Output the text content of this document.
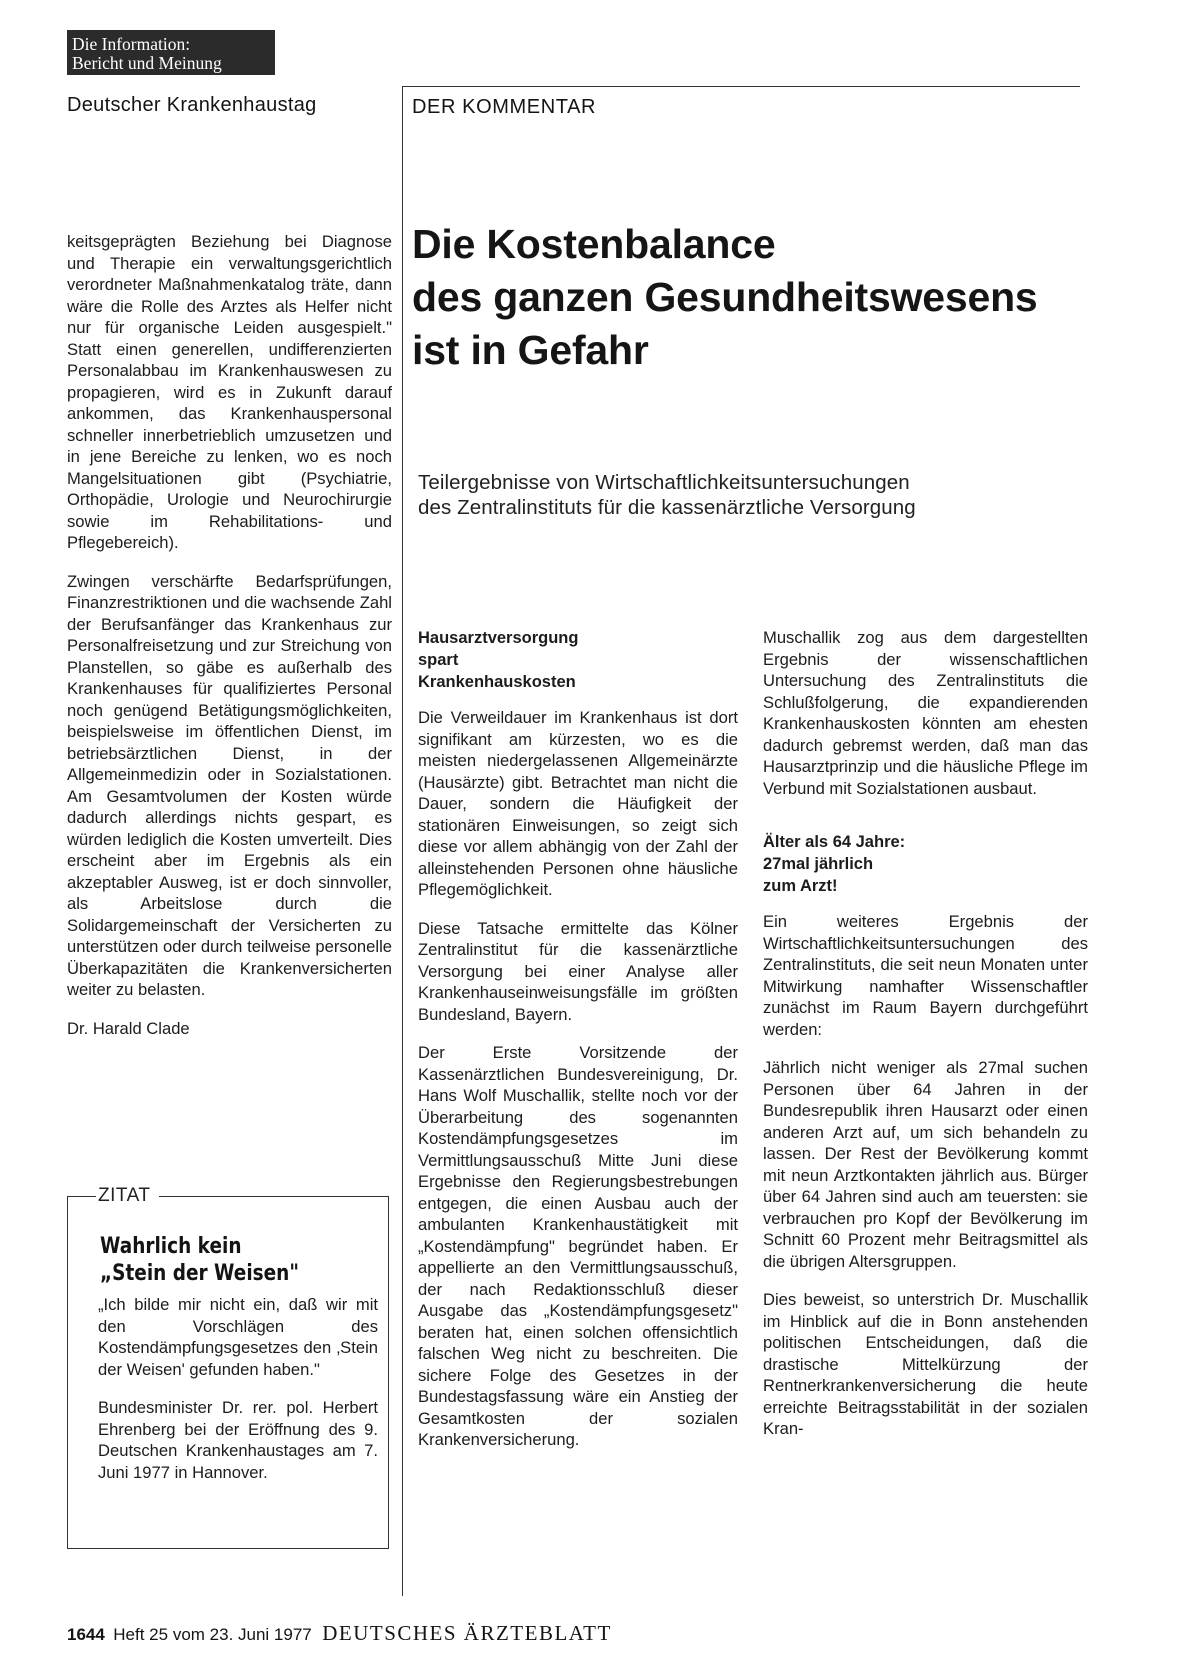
Die Information:
Bericht und Meinung
Deutscher Krankenhaustag	DER KOMMENTAR
Die Kostenbalance
des ganzen Gesundheitswesens
ist in Gefahr
Teilergebnisse von Wirtschaftlichkeitsuntersuchungen
des Zentralinstituts für die kassenärztliche Versorgung

keitsgeprägten Beziehung bei Diagnose und Therapie ein verwaltungsgerichtlich verordneter Maßnahmenkatalog träte, dann wäre die Rolle des Arztes als Helfer nicht nur für organische Leiden ausgespielt." Statt einen generellen, undifferenzierten Personalabbau im Krankenhauswesen zu propagieren, wird es in Zukunft darauf ankommen, das Krankenhauspersonal schneller innerbetrieblich umzusetzen und in jene Bereiche zu lenken, wo es noch Mangelsituationen gibt (Psychiatrie, Orthopädie, Urologie und Neurochirurgie sowie im Rehabilitations- und Pflegebereich).

Zwingen verschärfte Bedarfsprüfungen, Finanzrestriktionen und die wachsende Zahl der Berufsanfänger das Krankenhaus zur Personalfreisetzung und zur Streichung von Planstellen, so gäbe es außerhalb des Krankenhauses für qualifiziertes Personal noch genügend Betätigungsmöglichkeiten, beispielsweise im öffentlichen Dienst, im betriebsärztlichen Dienst, in der Allgemeinmedizin oder in Sozialstationen. Am Gesamtvolumen der Kosten würde dadurch allerdings nichts gespart, es würden lediglich die Kosten umverteilt. Dies erscheint aber im Ergebnis als ein akzeptabler Ausweg, ist er doch sinnvoller, als Arbeitslose durch die Solidargemeinschaft der Versicherten zu unterstützen oder durch teilweise personelle Überkapazitäten die Krankenversicherten weiter zu belasten.

Dr. Harald Clade

ZITAT
Wahrlich kein
„Stein der Weisen"

„Ich bilde mir nicht ein, daß wir mit den Vorschlägen des Kostendämpfungsgesetzes den ‚Stein der Weisen' gefunden haben."

Bundesminister Dr. rer. pol. Herbert Ehrenberg bei der Eröffnung des 9. Deutschen Krankenhaustages am 7. Juni 1977 in Hannover.

Hausarztversorgung
spart
Krankenhauskosten

Die Verweildauer im Krankenhaus ist dort signifikant am kürzesten, wo es die meisten niedergelassenen Allgemeinärzte (Hausärzte) gibt. Betrachtet man nicht die Dauer, sondern die Häufigkeit der stationären Einweisungen, so zeigt sich diese vor allem abhängig von der Zahl der alleinstehenden Personen ohne häusliche Pflegemöglichkeit.

Diese Tatsache ermittelte das Kölner Zentralinstitut für die kassenärztliche Versorgung bei einer Analyse aller Krankenhauseinweisungsfälle im größten Bundesland, Bayern.

Der Erste Vorsitzende der Kassenärztlichen Bundesvereinigung, Dr. Hans Wolf Muschallik, stellte noch vor der Überarbeitung des sogenannten Kostendämpfungsgesetzes im Vermittlungsausschuß Mitte Juni diese Ergebnisse den Regierungsbestrebungen entgegen, die einen Ausbau auch der ambulanten Krankenhaustätigkeit mit „Kostendämpfung" begründet haben. Er appellierte an den Vermittlungsausschuß, der nach Redaktionsschluß dieser Ausgabe das „Kostendämpfungsgesetz" beraten hat, einen solchen offensichtlich falschen Weg nicht zu beschreiten. Die sichere Folge des Gesetzes in der Bundestagsfassung wäre ein Anstieg der Gesamtkosten der sozialen Krankenversicherung.

Muschallik zog aus dem dargestellten Ergebnis der wissenschaftlichen Untersuchung des Zentralinstituts die Schlußfolgerung, die expandierenden Krankenhauskosten könnten am ehesten dadurch gebremst werden, daß man das Hausarztprinzip und die häusliche Pflege im Verbund mit Sozialstationen ausbaut.

Älter als 64 Jahre:
27mal jährlich
zum Arzt!

Ein weiteres Ergebnis der Wirtschaftlichkeitsuntersuchungen des Zentralinstituts, die seit neun Monaten unter Mitwirkung namhafter Wissenschaftler zunächst im Raum Bayern durchgeführt werden:

Jährlich nicht weniger als 27mal suchen Personen über 64 Jahren in der Bundesrepublik ihren Hausarzt oder einen anderen Arzt auf, um sich behandeln zu lassen. Der Rest der Bevölkerung kommt mit neun Arztkontakten jährlich aus. Bürger über 64 Jahren sind auch am teuersten: sie verbrauchen pro Kopf der Bevölkerung im Schnitt 60 Prozent mehr Beitragsmittel als die übrigen Altersgruppen.

Dies beweist, so unterstrich Dr. Muschallik im Hinblick auf die in Bonn anstehenden politischen Entscheidungen, daß die drastische Mittelkürzung der Rentnerkrankenversicherung die heute erreichte Beitragsstabilität in der sozialen Kran-

1644 Heft 25 vom 23. Juni 1977 DEUTSCHES ÄRZTEBLATT
